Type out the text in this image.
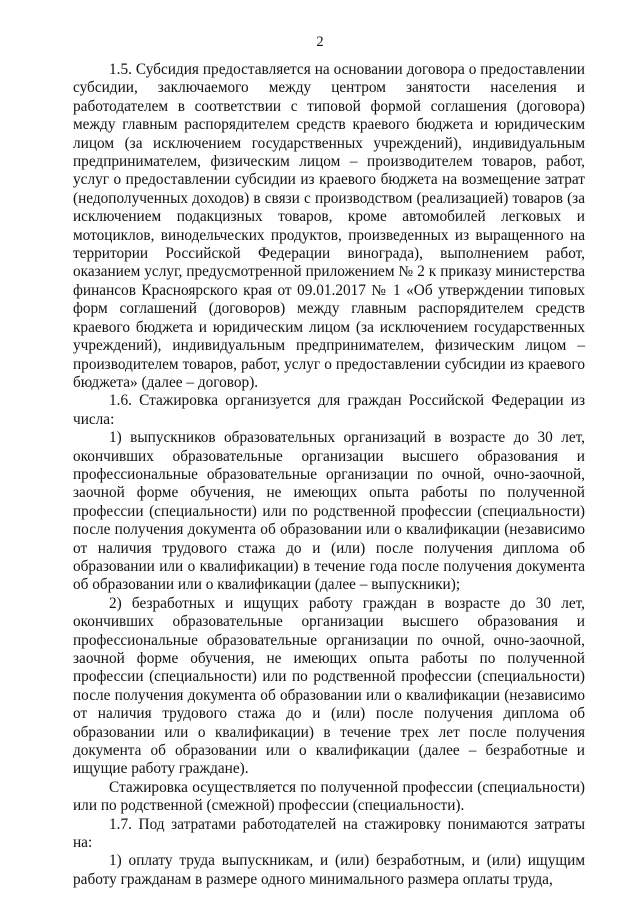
2

1.5. Субсидия предоставляется на основании договора о предоставлении субсидии, заключаемого между центром занятости населения и работодателем в соответствии с типовой формой соглашения (договора) между главным распорядителем средств краевого бюджета и юридическим лицом (за исключением государственных учреждений), индивидуальным предпринимателем, физическим лицом – производителем товаров, работ, услуг о предоставлении субсидии из краевого бюджета на возмещение затрат (недополученных доходов) в связи с производством (реализацией) товаров (за исключением подакцизных товаров, кроме автомобилей легковых и мотоциклов, винодельческих продуктов, произведенных из выращенного на территории Российской Федерации винограда), выполнением работ, оказанием услуг, предусмотренной приложением № 2 к приказу министерства финансов Красноярского края от 09.01.2017 № 1 «Об утверждении типовых форм соглашений (договоров) между главным распорядителем средств краевого бюджета и юридическим лицом (за исключением государственных учреждений), индивидуальным предпринимателем, физическим лицом – производителем товаров, работ, услуг о предоставлении субсидии из краевого бюджета» (далее – договор).

1.6. Стажировка организуется для граждан Российской Федерации из числа:

1) выпускников образовательных организаций в возрасте до 30 лет, окончивших образовательные организации высшего образования и профессиональные образовательные организации по очной, очно-заочной, заочной форме обучения, не имеющих опыта работы по полученной профессии (специальности) или по родственной профессии (специальности) после получения документа об образовании или о квалификации (независимо от наличия трудового стажа до и (или) после получения диплома об образовании или о квалификации) в течение года после получения документа об образовании или о квалификации (далее – выпускники);

2) безработных и ищущих работу граждан в возрасте до 30 лет, окончивших образовательные организации высшего образования и профессиональные образовательные организации по очной, очно-заочной, заочной форме обучения, не имеющих опыта работы по полученной профессии (специальности) или по родственной профессии (специальности) после получения документа об образовании или о квалификации (независимо от наличия трудового стажа до и (или) после получения диплома об образовании или о квалификации) в течение трех лет после получения документа об образовании или о квалификации (далее – безработные и ищущие работу граждане).

Стажировка осуществляется по полученной профессии (специальности) или по родственной (смежной) профессии (специальности).

1.7. Под затратами работодателей на стажировку понимаются затраты на:

1) оплату труда выпускникам, и (или) безработным, и (или) ищущим работу гражданам в размере одного минимального размера оплаты труда,
